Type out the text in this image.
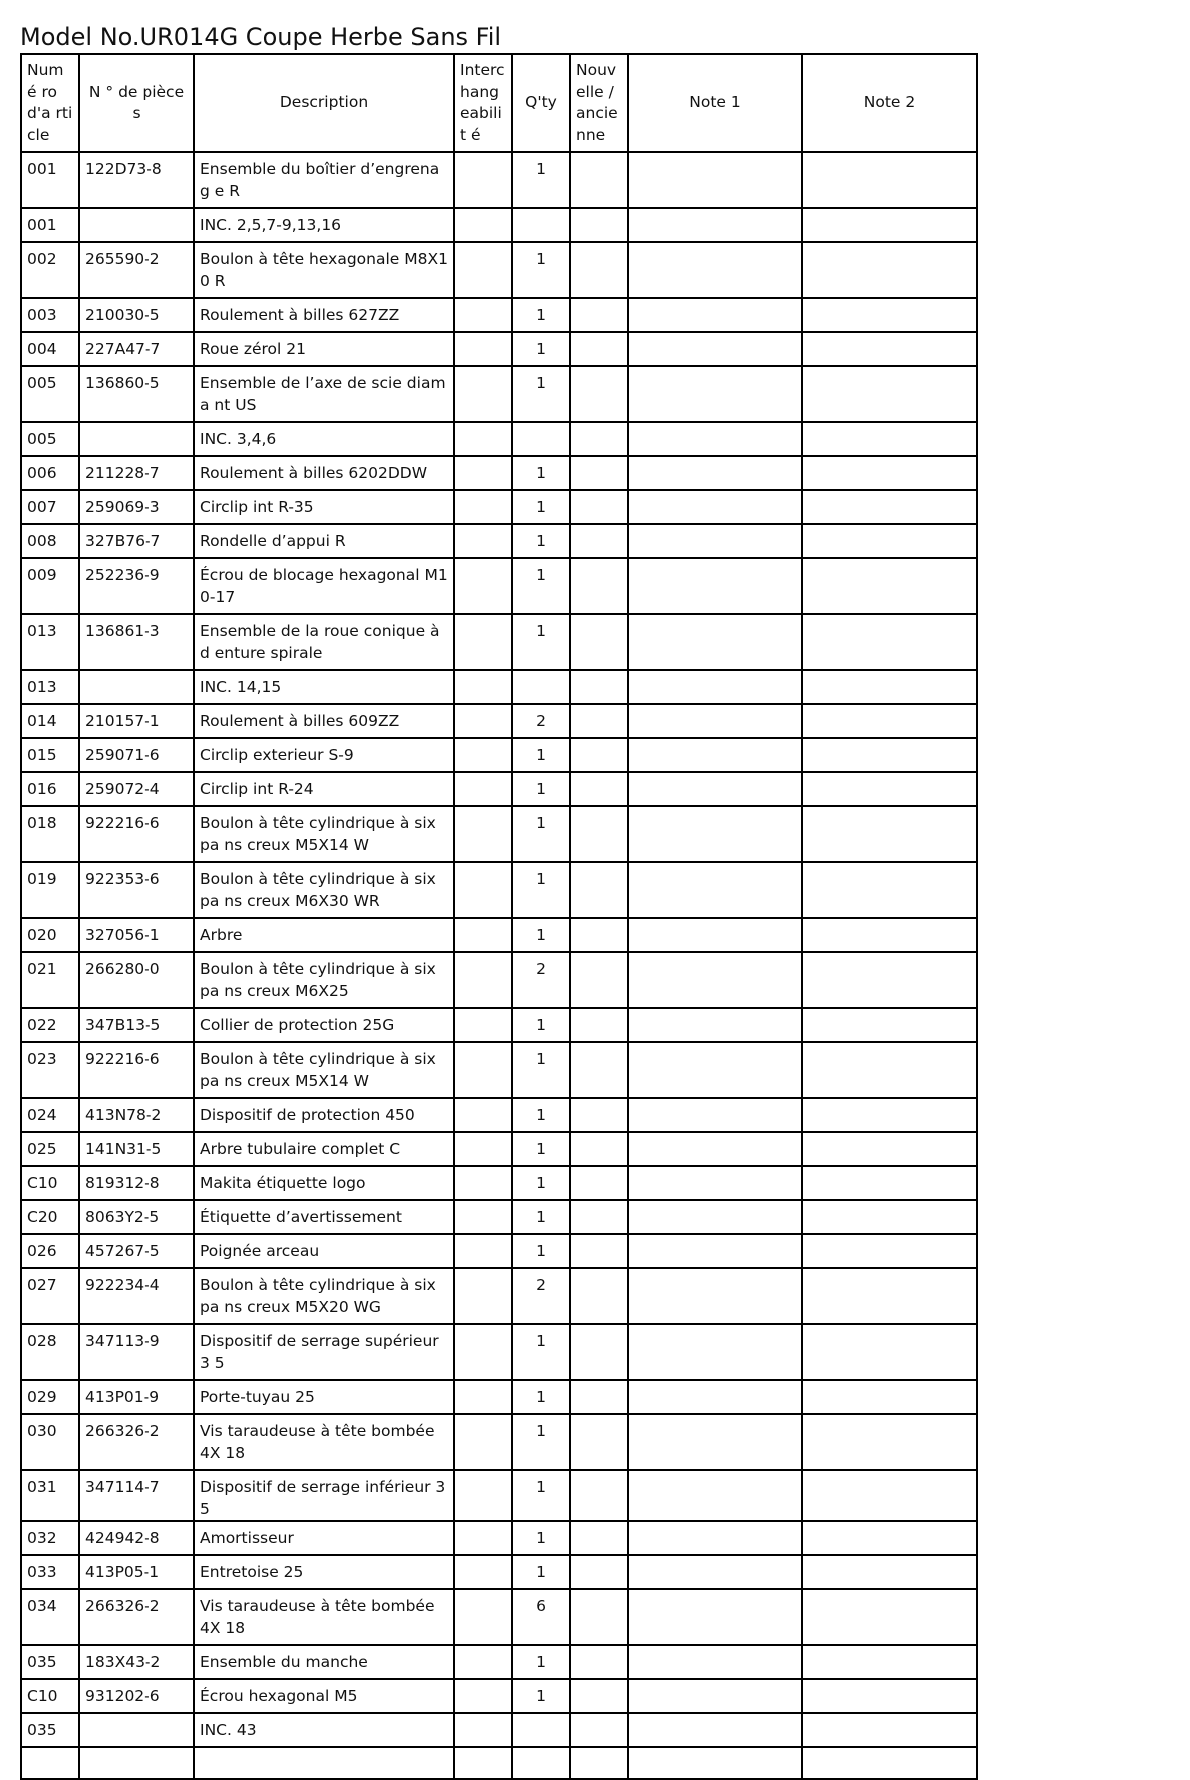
Model No.UR014G Coupe Herbe Sans Fil
Numé ro d'a rticle	N ° de pièces	Description	Interc hang eabilit é	Q'ty	Nouv elle / ancie nne	Note 1	Note 2
001	122D73-8	Ensemble du boîtier d’engrenag e R		1			
001		INC. 2,5,7-9,13,16					
002	265590-2	Boulon à tête hexagonale M8X10 R		1			
003	210030-5	Roulement à billes 627ZZ		1			
004	227A47-7	Roue zérol 21		1			
005	136860-5	Ensemble de l’axe de scie diama nt US		1			
005		INC. 3,4,6					
006	211228-7	Roulement à billes 6202DDW		1			
007	259069-3	Circlip int R-35		1			
008	327B76-7	Rondelle d’appui R		1			
009	252236-9	Écrou de blocage hexagonal M1 0-17		1			
013	136861-3	Ensemble de la roue conique à d enture spirale		1			
013		INC. 14,15					
014	210157-1	Roulement à billes 609ZZ		2			
015	259071-6	Circlip exterieur S-9		1			
016	259072-4	Circlip int R-24		1			
018	922216-6	Boulon à tête cylindrique à six pa ns creux M5X14 W		1			
019	922353-6	Boulon à tête cylindrique à six pa ns creux M6X30 WR		1			
020	327056-1	Arbre		1			
021	266280-0	Boulon à tête cylindrique à six pa ns creux M6X25		2			
022	347B13-5	Collier de protection 25G		1			
023	922216-6	Boulon à tête cylindrique à six pa ns creux M5X14 W		1			
024	413N78-2	Dispositif de protection 450		1			
025	141N31-5	Arbre tubulaire complet C		1			
C10	819312-8	Makita étiquette logo		1			
C20	8063Y2-5	Étiquette d’avertissement		1			
026	457267-5	Poignée arceau		1			
027	922234-4	Boulon à tête cylindrique à six pa ns creux M5X20 WG		2			
028	347113-9	Dispositif de serrage supérieur 3 5		1			
029	413P01-9	Porte-tuyau 25		1			
030	266326-2	Vis taraudeuse à tête bombée 4X 18		1			
031	347114-7	Dispositif de serrage inférieur 35		1			
032	424942-8	Amortisseur		1			
033	413P05-1	Entretoise 25		1			
034	266326-2	Vis taraudeuse à tête bombée 4X 18		6			
035	183X43-2	Ensemble du manche		1			
C10	931202-6	Écrou hexagonal M5		1			
035		INC. 43					
